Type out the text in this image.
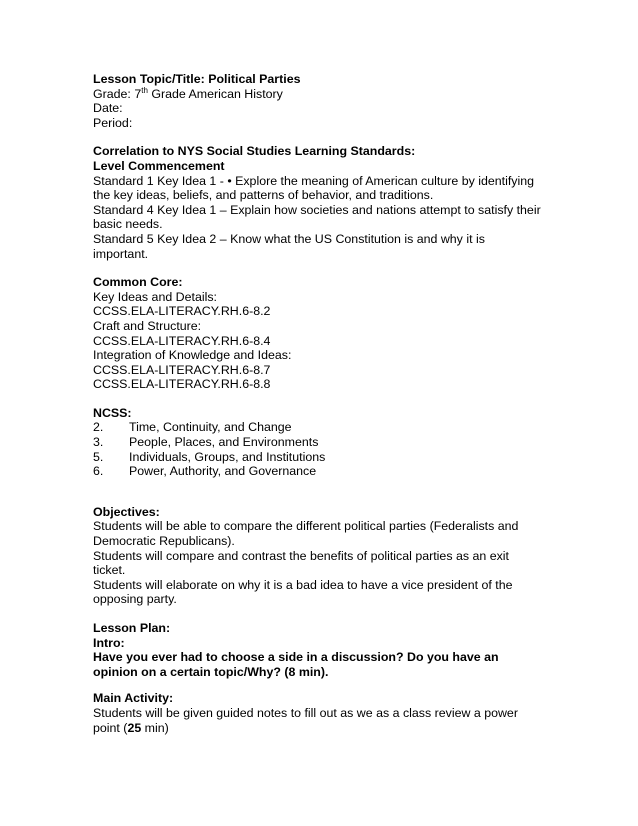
Lesson Topic/Title: Political Parties
Grade: 7th Grade American History
Date:
Period:
Correlation to NYS Social Studies Learning Standards:
Level Commencement
Standard 1 Key Idea 1 - • Explore the meaning of American culture by identifying the key ideas, beliefs, and patterns of behavior, and traditions.
Standard 4 Key Idea 1 – Explain how societies and nations attempt to satisfy their basic needs.
Standard 5 Key Idea 2 – Know what the US Constitution is and why it is important.
Common Core:
Key Ideas and Details:
CCSS.ELA-LITERACY.RH.6-8.2
Craft and Structure:
CCSS.ELA-LITERACY.RH.6-8.4
Integration of Knowledge and Ideas:
CCSS.ELA-LITERACY.RH.6-8.7
CCSS.ELA-LITERACY.RH.6-8.8
NCSS:
2.	Time, Continuity, and Change
3.	People, Places, and Environments
5.	Individuals, Groups, and Institutions
6.	Power, Authority, and Governance
Objectives:
Students will be able to compare the different political parties (Federalists and Democratic Republicans).
Students will compare and contrast the benefits of political parties as an exit ticket.
Students will elaborate on why it is a bad idea to have a vice president of the opposing party.
Lesson Plan:
Intro:
Have you ever had to choose a side in a discussion? Do you have an opinion on a certain topic/Why? (8 min).
Main Activity:
Students will be given guided notes to fill out as we as a class review a power point (25 min)
